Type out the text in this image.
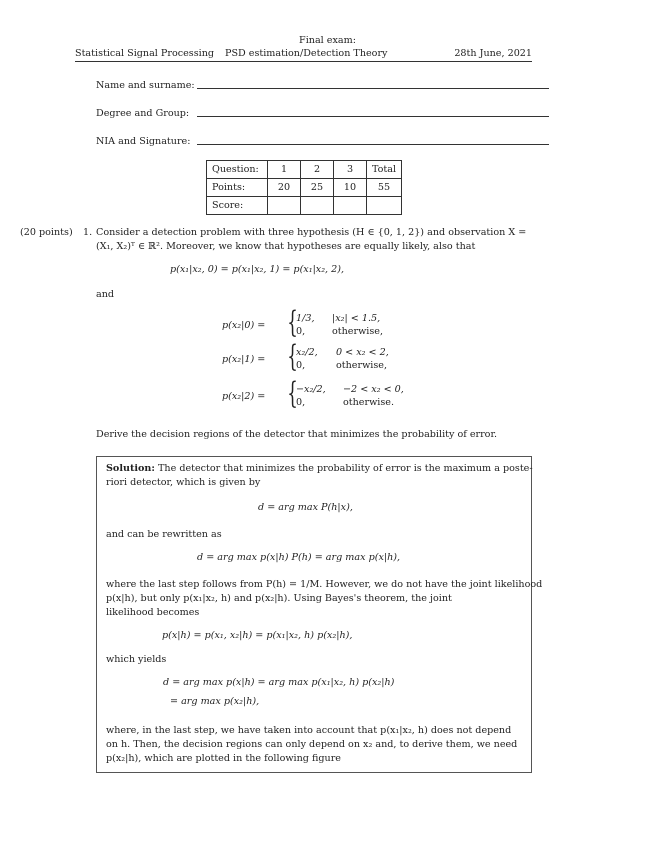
Final exam:
Statistical Signal Processing PSD estimation/Detection Theory	28th June, 2021
Name and surname:
Degree and Group:
NIA and Signature:
Question:	1	2	3	Total
Points:	20	25	10	55
Score:				
(20 points) 1. Consider a detection problem with three hypothesis (H ∈ {0, 1, 2}) and observation X =
(X₁, X₂)ᵀ ∈ ℝ². Moreover, we know that hypotheses are equally likely, also that
p(x₁|x₂, 0) = p(x₁|x₂, 1) = p(x₁|x₂, 2),
and
p(x₂|0) = {
1/3, |x₂| < 1.5,
0,	otherwise,
p(x₂|1) = {
x₂/2, 0 < x₂ < 2,
0,	otherwise,
p(x₂|2) = {
−x₂/2, −2 < x₂ < 0,
0,	otherwise.
Derive the decision regions of the detector that minimizes the probability of error.
Solution: The detector that minimizes the probability of error is the maximum a poste-
riori detector, which is given by
d = arg max P(h|x),
and can be rewritten as
d = arg max p(x|h) P(h) = arg max p(x|h),
where the last step follows from P(h) = 1/M. However, we do not have the joint likelihood
p(x|h), but only p(x₁|x₂, h) and p(x₂|h). Using Bayes's theorem, the joint
likelihood becomes
p(x|h) = p(x₁, x₂|h) = p(x₁|x₂, h) p(x₂|h),
which yields
d = arg max p(x|h) = arg max p(x₁|x₂, h) p(x₂|h)
= arg max p(x₂|h),
where, in the last step, we have taken into account that p(x₁|x₂, h) does not depend
on h. Then, the decision regions can only depend on x₂ and, to derive them, we need
p(x₂|h), which are plotted in the following figure
